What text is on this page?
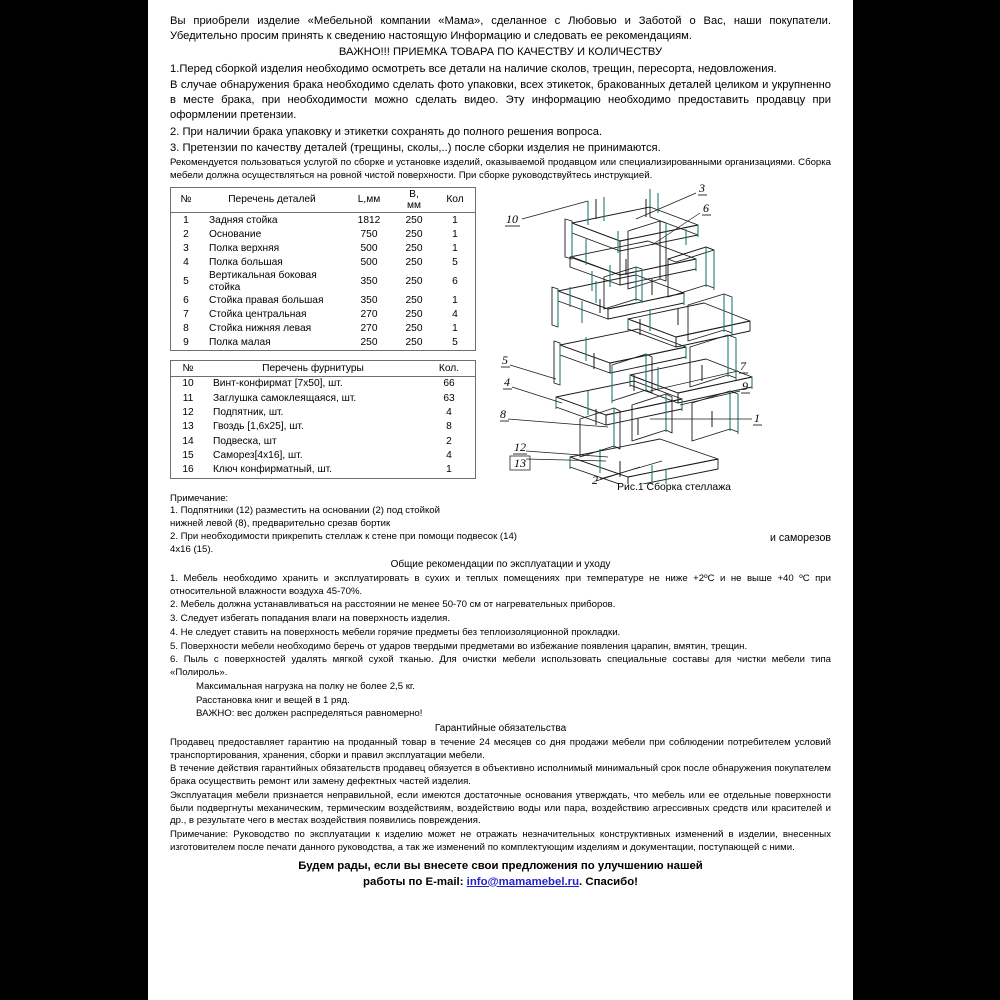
Вы приобрели изделие «Мебельной компании «Мама», сделанное с Любовью и Заботой о Вас, наши покупатели. Убедительно просим принять к сведению настоящую Информацию и следовать ее рекомендациям.

ВАЖНО!!! ПРИЕМКА ТОВАРА ПО КАЧЕСТВУ И КОЛИЧЕСТВУ

1.Перед сборкой изделия необходимо осмотреть все детали на наличие сколов, трещин, пересорта, недовложения.

В случае обнаружения брака необходимо сделать фото упаковки, всех этикеток, бракованных деталей целиком и укрупненно в месте брака, при необходимости можно сделать видео. Эту информацию необходимо предоставить продавцу при оформлении претензии.

2. При наличии брака упаковку и этикетки сохранять до полного решения вопроса.

3. Претензии по качеству деталей (трещины, сколы,..) после сборки изделия не принимаются.

Рекомендуется пользоваться услугой по сборке и установке изделий, оказываемой продавцом или специализированными организациями. Сборка мебели должна осуществляться на ровной чистой поверхности. При сборке руководствуйтесь инструкцией.

№	Перечень деталей	L,мм	В,
мм	Кол
1	Задняя стойка	1812	250	1
2	Основание	750	250	1
3	Полка верхняя	500	250	1
4	Полка большая	500	250	5
5	Вертикальная боковая стойка	350	250	6
6	Стойка правая большая	350	250	1
7	Стойка центральная	270	250	4
8	Стойка нижняя левая	270	250	1
9	Полка малая	250	250	5
№	Перечень фурнитуры	Кол.
10	Винт-конфирмат [7х50], шт.	66
11	Заглушка самоклеящаяся, шт.	63
12	Подпятник, шт.	4
13	Гвоздь [1,6х25], шт.	8
14	Подвеска, шт	2
15	Саморез[4х16], шт.	4
16	Ключ конфирматный, шт.	1
10
3
6
5
4
8
7
9
1
12
13
2
Рис.1 Сборка стеллажа

Примечание:

1. Подпятники (12) разместить на основании (2) под стойкой

нижней левой (8), предварительно срезав бортик

2. При необходимости прикрепить стеллаж к стене при помощи подвесок (14)	и саморезов

4х16 (15).

Общие рекомендации по эксплуатации и уходу

1. Мебель необходимо хранить и эксплуатировать в сухих и теплых помещениях при температуре не ниже +2ºC и не выше +40 ºC при относительной влажности воздуха 45-70%.

2. Мебель должна устанавливаться на расстоянии не менее 50-70 см от нагревательных приборов.

3. Следует избегать попадания влаги на поверхность изделия.

4. Не следует ставить на поверхность мебели горячие предметы без теплоизоляционной прокладки.

5. Поверхности мебели необходимо беречь от ударов твердыми предметами во избежание появления царапин, вмятин, трещин.

6. Пыль с поверхностей удалять мягкой сухой тканью. Для очистки мебели использовать специальные составы для чистки мебели типа «Полироль».

Максимальная нагрузка на полку не более 2,5 кг.

Расстановка книг и вещей в 1 ряд.

ВАЖНО: вес должен распределяться равномерно!

Гарантийные обязательства

Продавец предоставляет гарантию на проданный товар в течение 24 месяцев со дня продажи мебели при соблюдении потребителем условий транспортирования, хранения, сборки и правил эксплуатации мебели.

В течение действия гарантийных обязательств продавец обязуется в объективно исполнимый минимальный срок после обнаружения покупателем брака осуществить ремонт или замену дефектных частей изделия.

Эксплуатация мебели признается неправильной, если имеются достаточные основания утверждать, что мебель или ее отдельные поверхности были подвергнуты механическим, термическим воздействиям, воздействию воды или пара, воздействию агрессивных средств или красителей и др., в результате чего в местах воздействия появились повреждения.

Примечание: Руководство по эксплуатации к изделию может не отражать незначительных конструктивных изменений в изделии, внесенных изготовителем после печати данного руководства, а так же изменений по комплектующим изделиям и документации, поступающей с ними.

Будем рады, если вы внесете свои предложения по улучшению нашей
работы по E-mail: info@mamamebel.ru. Спасибо!
